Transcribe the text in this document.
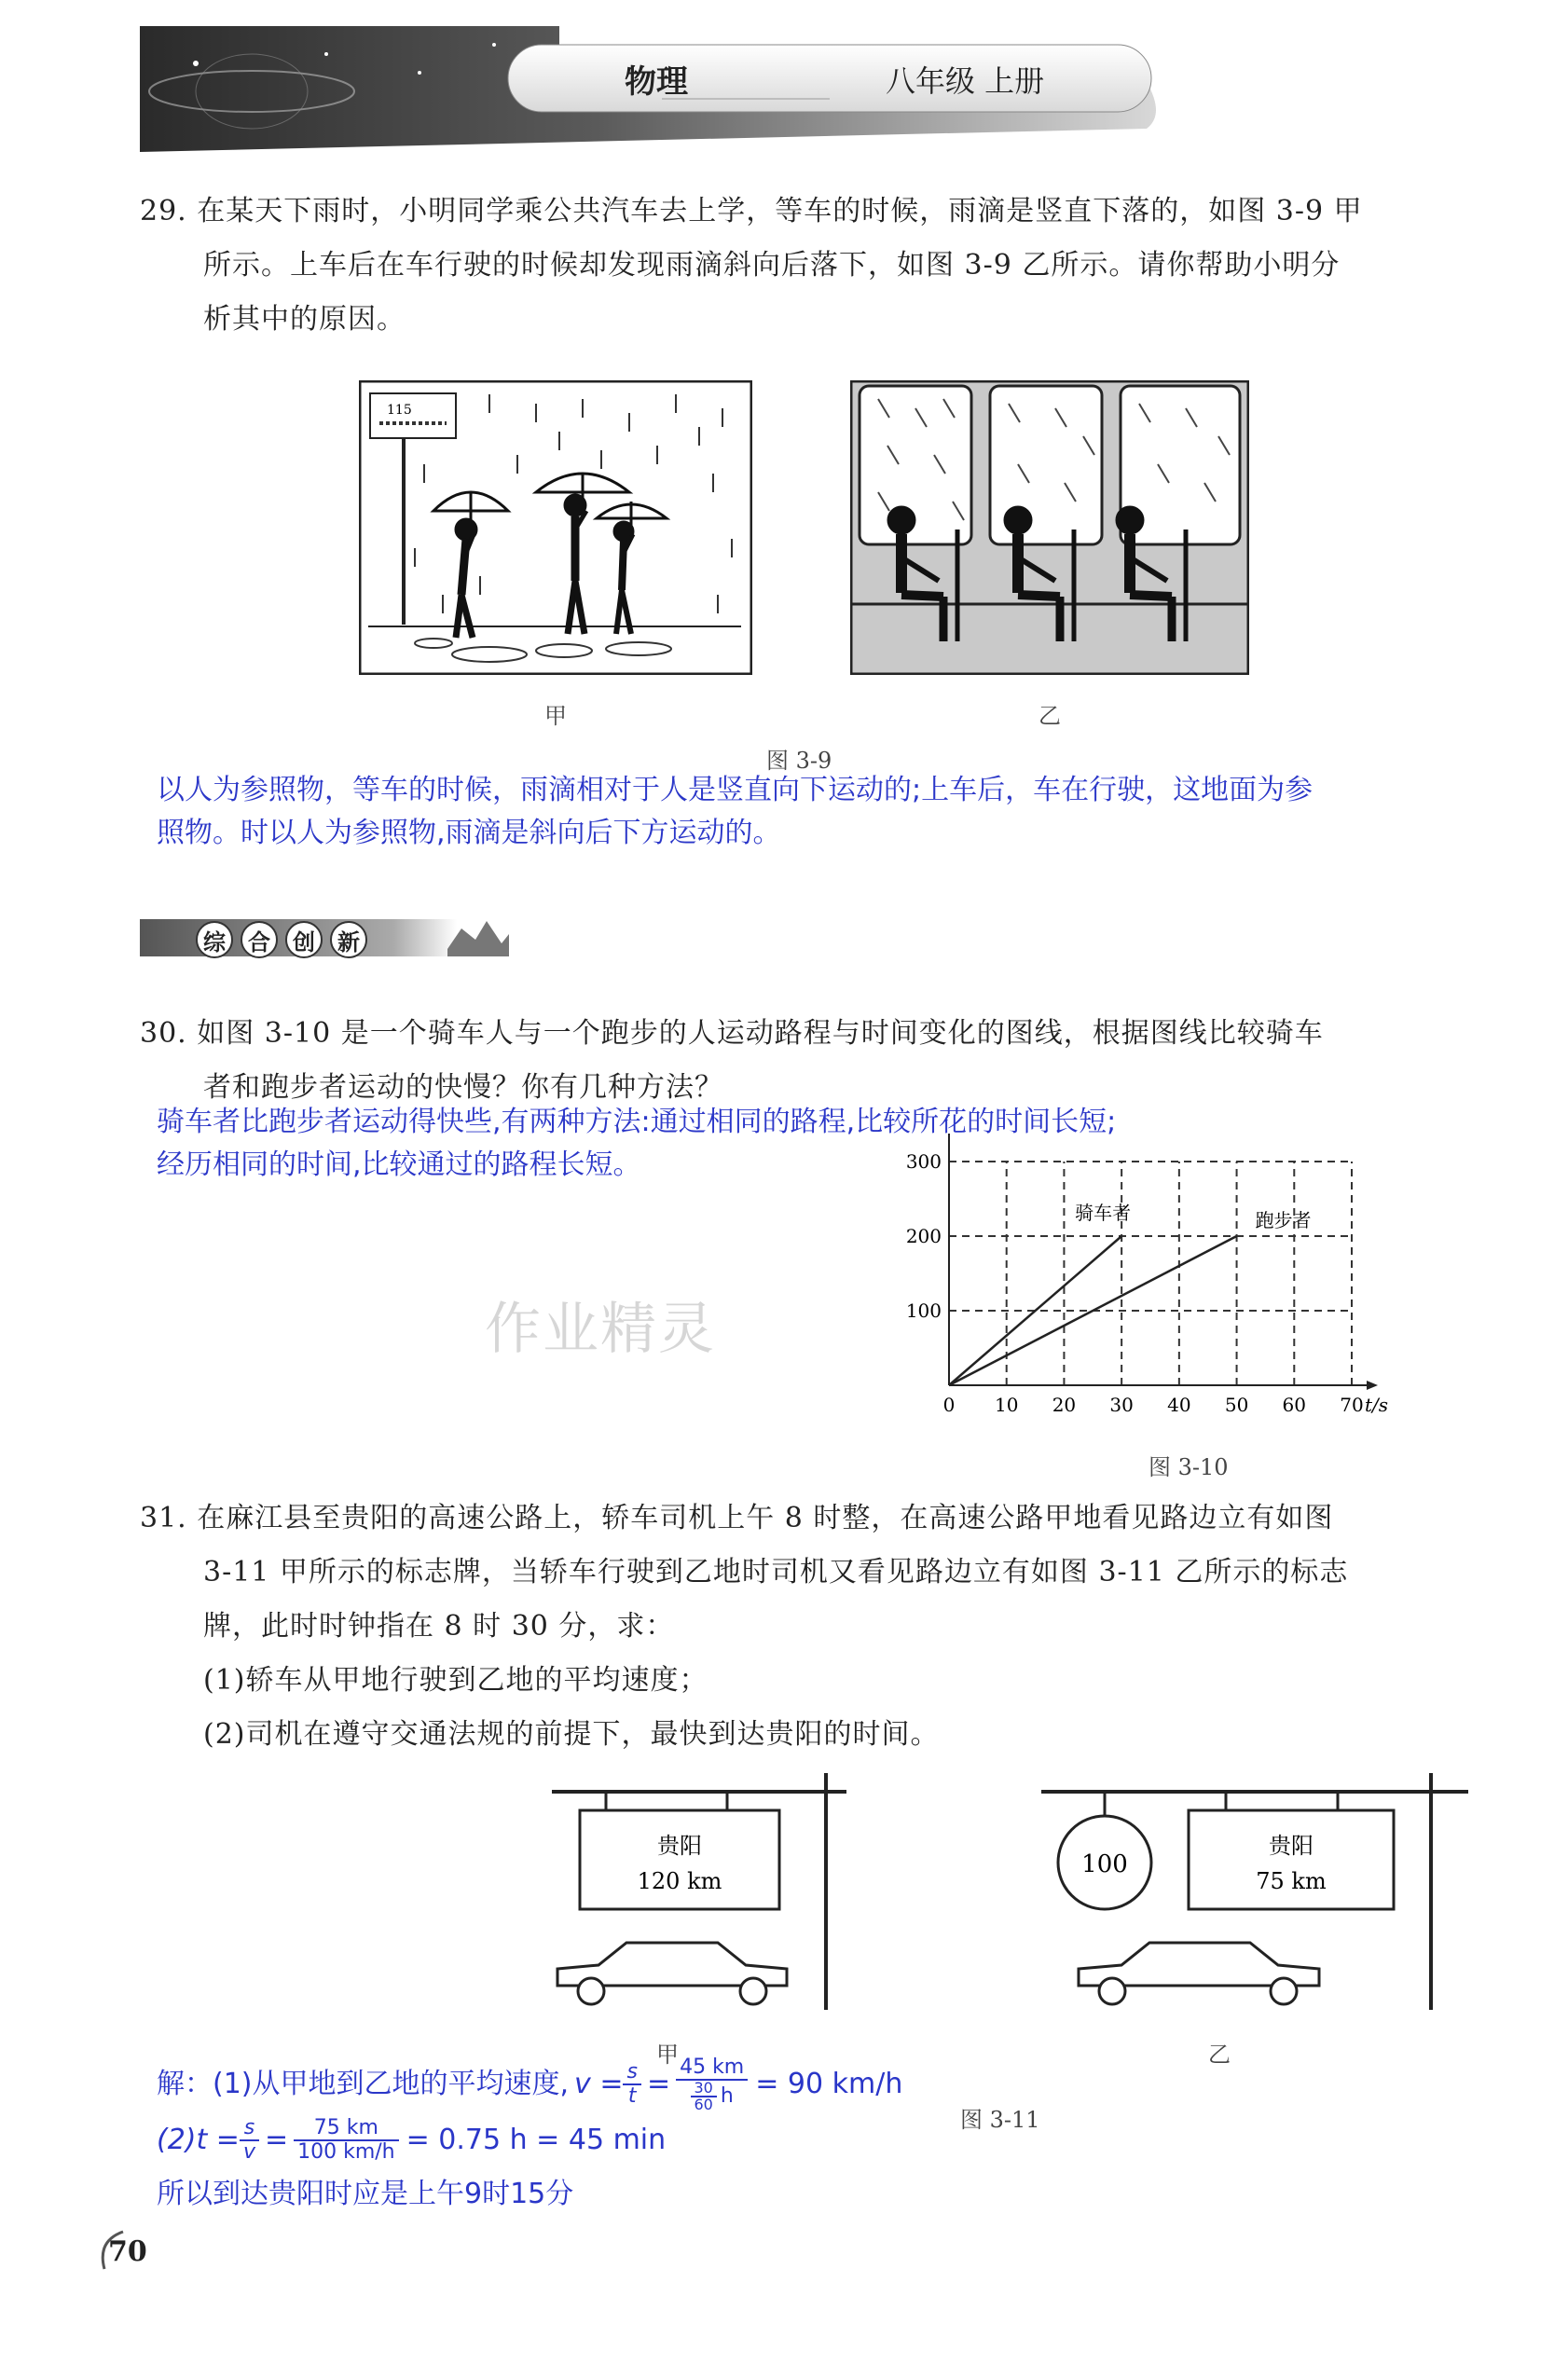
物理	八年级 上册
29. 在某天下雨时，小明同学乘公共汽车去上学，等车的时候，雨滴是竖直下落的，如图 3-9 甲
所示。上车后在车行驶的时候却发现雨滴斜向后落下，如图 3-9 乙所示。请你帮助小明分
析其中的原因。
115
甲	乙
图 3-9
以人为参照物，等车的时候，雨滴相对于人是竖直向下运动的;上车后，车在行驶，这地面为参
照物。时以人为参照物,雨滴是斜向后下方运动的。
综	合	创	新
30. 如图 3-10 是一个骑车人与一个跑步的人运动路程与时间变化的图线，根据图线比较骑车
者和跑步者运动的快慢？你有几种方法？
骑车者比跑步者运动得快些,有两种方法:通过相同的路程,比较所花的时间长短;
经历相同的时间,比较通过的路程长短。
作业精灵
0 10 20 30 40 50 60 70
100
200
300
t/s
骑车者	跑步者
图 3-10
31. 在麻江县至贵阳的高速公路上，轿车司机上午 8 时整，在高速公路甲地看见路边立有如图
3-11 甲所示的标志牌，当轿车行驶到乙地时司机又看见路边立有如图 3-11 乙所示的标志
牌，此时时钟指在 8 时 30 分，求：
(1)轿车从甲地行驶到乙地的平均速度；
(2)司机在遵守交通法规的前提下，最快到达贵阳的时间。
贵阳
120 km
100
贵阳
75 km
甲	乙
图 3-11
解：(1)从甲地到乙地的平均速度, $v = \frac{s}{t} = \frac{45 km}{\frac{30}{60} h} = 90$ km/h
$(2)t = \frac{s}{v} = \frac{75 km}{100 km/h} = 0.75$ h = 45 min
所以到达贵阳时应是上午9时15分
70
